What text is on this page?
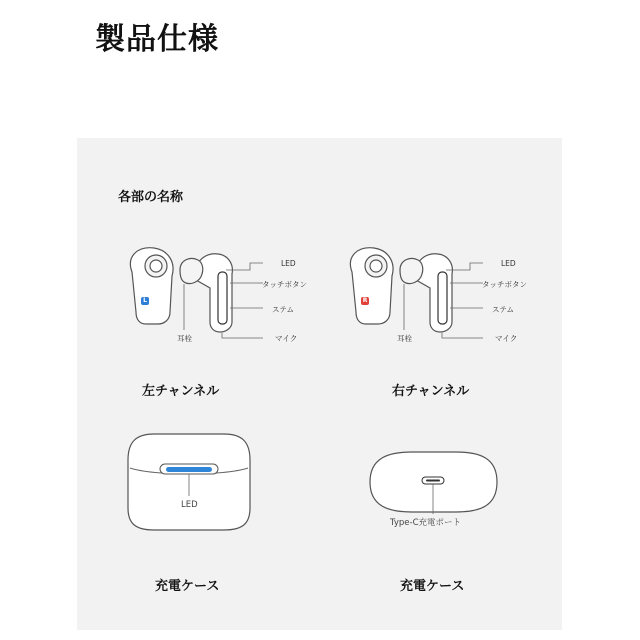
製品仕様
各部の名称
L
LED
タッチボタン
ステム
マイク
耳栓
左チャンネル
R
LED
タッチボタン
ステム
マイク
耳栓
右チャンネル
LED
充電ケース
Type-C充電ポート
充電ケース
